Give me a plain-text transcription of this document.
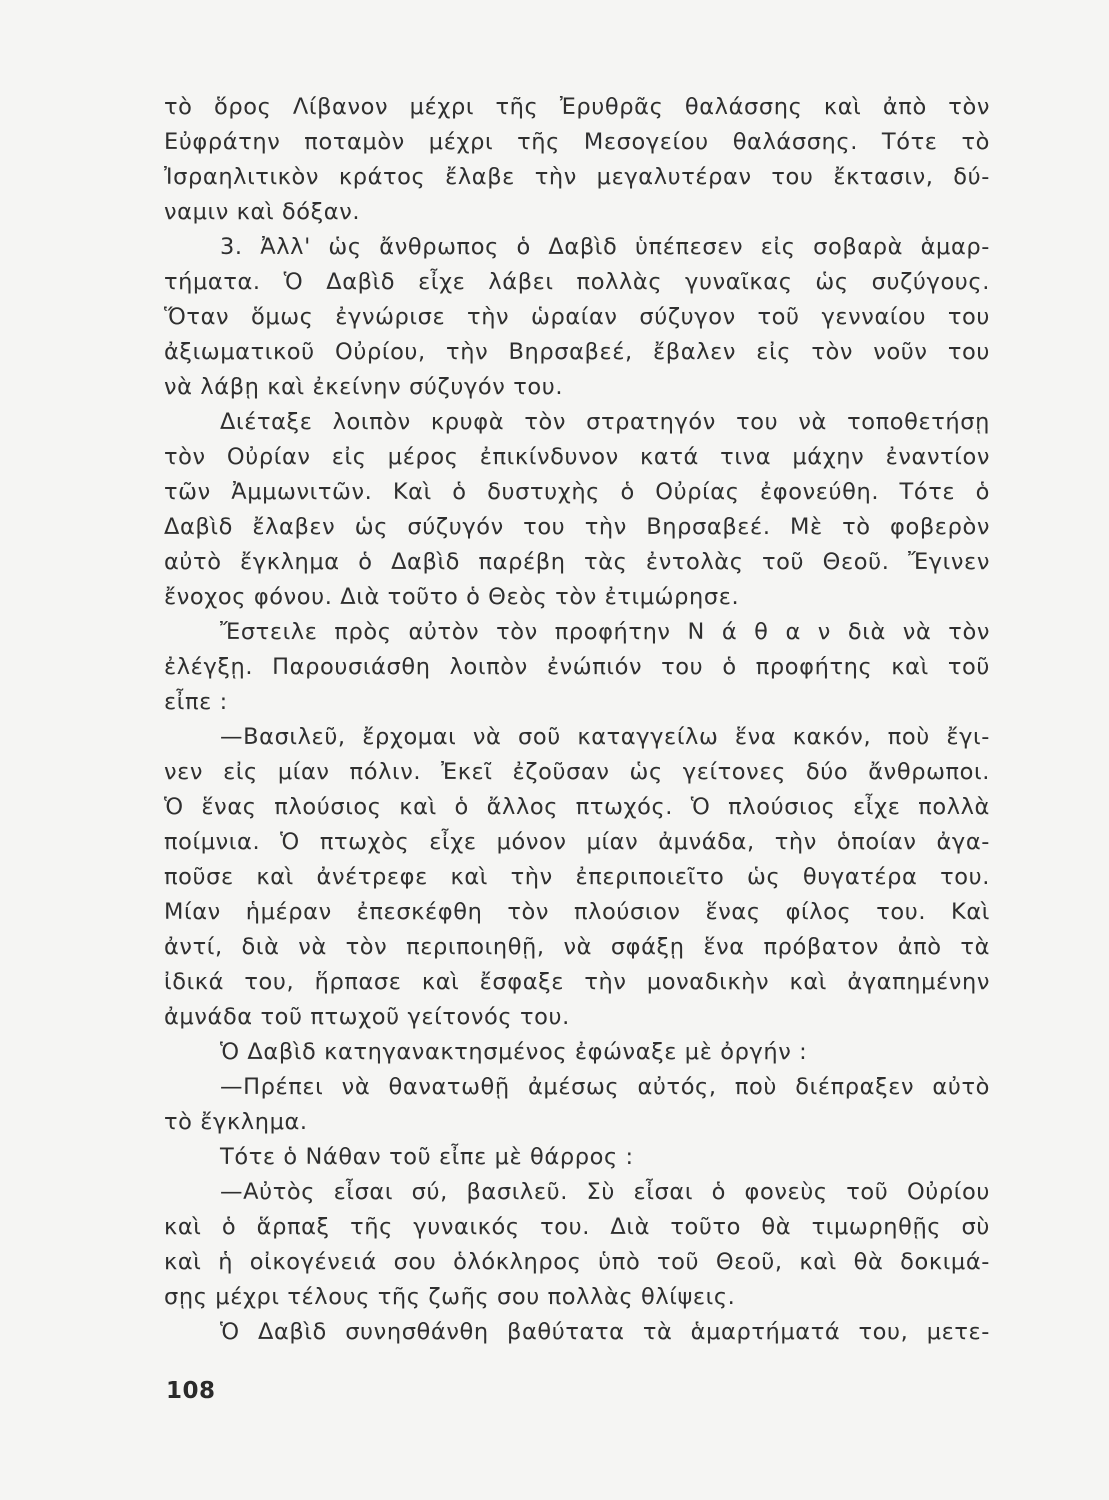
τὸ ὅρος Λίβανον μέχρι τῆς Ἐρυθρᾶς θαλάσσης καὶ ἀπὸ τὸν
Εὐφράτην ποταμὸν μέχρι τῆς Μεσογείου θαλάσσης. Τότε τὸ
Ἰσραηλιτικὸν κράτος ἔλαβε τὴν μεγαλυτέραν του ἔκτασιν, δύ-
ναμιν καὶ δόξαν.
3. Ἀλλ' ὡς ἄνθρωπος ὁ Δαβὶδ ὑπέπεσεν εἰς σοβαρὰ ἁμαρ-
τήματα. Ὁ Δαβὶδ εἶχε λάβει πολλὰς γυναῖκας ὡς συζύγους.
Ὅταν ὅμως ἐγνώρισε τὴν ὡραίαν σύζυγον τοῦ γενναίου του
ἀξιωματικοῦ Οὐρίου, τὴν Βηρσαβεέ, ἔβαλεν εἰς τὸν νοῦν του
νὰ λάβῃ καὶ ἐκείνην σύζυγόν του.
Διέταξε λοιπὸν κρυφὰ τὸν στρατηγόν του νὰ τοποθετήσῃ
τὸν Οὐρίαν εἰς μέρος ἐπικίνδυνον κατά τινα μάχην ἐναντίον
τῶν Ἀμμωνιτῶν. Καὶ ὁ δυστυχὴς ὁ Οὐρίας ἐφονεύθη. Τότε ὁ
Δαβὶδ ἔλαβεν ὡς σύζυγόν του τὴν Βηρσαβεέ. Μὲ τὸ φοβερὸν
αὐτὸ ἔγκλημα ὁ Δαβὶδ παρέβη τὰς ἐντολὰς τοῦ Θεοῦ. Ἔγινεν
ἔνοχος φόνου. Διὰ τοῦτο ὁ Θεὸς τὸν ἐτιμώρησε.
Ἔστειλε πρὸς αὐτὸν τὸν προφήτην Ν ά θ α ν διὰ νὰ τὸν
ἐλέγξῃ. Παρουσιάσθη λοιπὸν ἐνώπιόν του ὁ προφήτης καὶ τοῦ
εἶπε :
—Βασιλεῦ, ἔρχομαι νὰ σοῦ καταγγείλω ἕνα κακόν, ποὺ ἔγι-
νεν εἰς μίαν πόλιν. Ἐκεῖ ἐζοῦσαν ὡς γείτονες δύο ἄνθρωποι.
Ὁ ἕνας πλούσιος καὶ ὁ ἄλλος πτωχός. Ὁ πλούσιος εἶχε πολλὰ
ποίμνια. Ὁ πτωχὸς εἶχε μόνον μίαν ἀμνάδα, τὴν ὁποίαν ἀγα-
ποῦσε καὶ ἀνέτρεφε καὶ τὴν ἐπεριποιεῖτο ὡς θυγατέρα του.
Μίαν ἡμέραν ἐπεσκέφθη τὸν πλούσιον ἕνας φίλος του. Καὶ
ἀντί, διὰ νὰ τὸν περιποιηθῇ, νὰ σφάξῃ ἕνα πρόβατον ἀπὸ τὰ
ἰδικά του, ἥρπασε καὶ ἔσφαξε τὴν μοναδικὴν καὶ ἀγαπημένην
ἀμνάδα τοῦ πτωχοῦ γείτονός του.
Ὁ Δαβὶδ κατηγανακτησμένος ἐφώναξε μὲ ὀργήν :
—Πρέπει νὰ θανατωθῇ ἀμέσως αὐτός, ποὺ διέπραξεν αὐτὸ
τὸ ἔγκλημα.
Τότε ὁ Νάθαν τοῦ εἶπε μὲ θάρρος :
—Αὐτὸς εἶσαι σύ, βασιλεῦ. Σὺ εἶσαι ὁ φονεὺς τοῦ Οὐρίου
καὶ ὁ ἅρπαξ τῆς γυναικός του. Διὰ τοῦτο θὰ τιμωρηθῇς σὺ
καὶ ἡ οἰκογένειά σου ὁλόκληρος ὑπὸ τοῦ Θεοῦ, καὶ θὰ δοκιμά-
σῃς μέχρι τέλους τῆς ζωῆς σου πολλὰς θλίψεις.
Ὁ Δαβὶδ συνησθάνθη βαθύτατα τὰ ἁμαρτήματά του, μετε-
108
